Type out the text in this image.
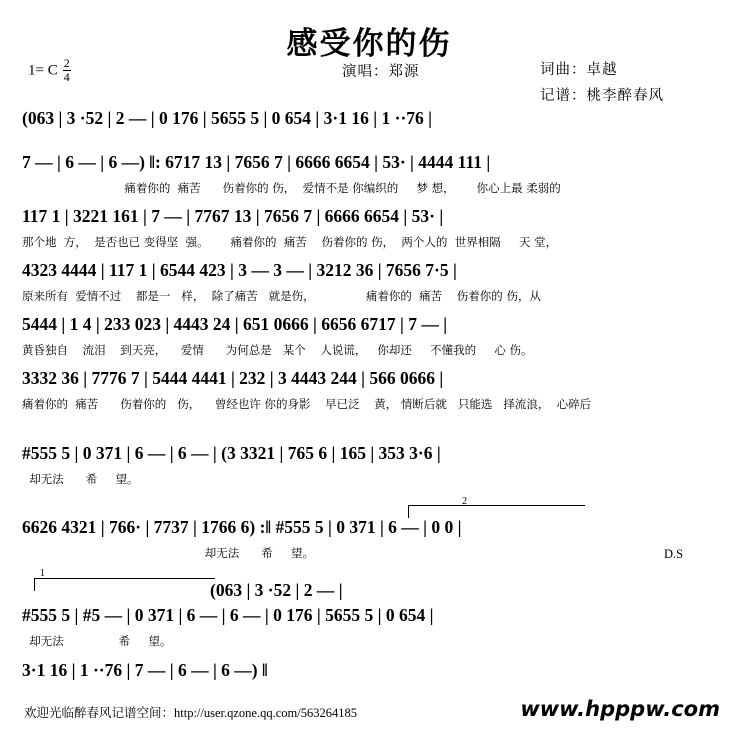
感受你的伤
1= C $\frac{2}{4}$	演唱：郑源	词曲：卓越
记谱：桃李醉春风
(063 | 3 ·52 | 2 — | 0 176 | 5655 5 | 0 654 | 3·1 16 | 1 ··76 |
7 — | 6 — | 6 —) ‖: 6717 13 | 7656 7 | 6666 6654 | 53· | 4444 111 |
痛着你的  痛苦      伤着你的 伤，  爱情不是 你编织的     梦 想，      你心上最 柔弱的
117 1 | 3221 161 | 7 — | 7767 13 | 7656 7 | 6666 6654 | 53· |
那个地  方，  是否也已 变得坚  强。      痛着你的  痛苦    伤着你的 伤，  两个人的  世界相隔     天 堂，
4323 4444 | 117 1 | 6544 423 | 3 — 3 — | 3212 36 | 7656 7·5 |
原来所有  爱情不过    都是一   样，  除了痛苦   就是伤，              痛着你的  痛苦    伤着你的 伤，从
5444 | 1 4 | 233 023 | 4443 24 | 651 0666 | 6656 6717 | 7 — |
黄昏独自    流泪    到天亮，    爱情      为何总是   某个    人说谎，   你却还     不懂我的     心 伤。
3332 36 | 7776 7 | 5444 4441 | 232 | 3 4443 244 | 566 0666 |
痛着你的  痛苦      伤着你的   伤，    曾经也许 你的身影    早已泛    黄， 情断后就   只能选   择流浪，  心碎后
#555 5 | 0 371 | 6 — | 6 — | (3 3321 | 765 6 | 165 | 353 3·6 |
却无法      希     望。
2
6626 4321 | 766· | 7737 | 1766 6) :‖ #555 5 | 0 371 | 6 — | 0 0 |
却无法      希     望。	D.S
1
(063 | 3 ·52 | 2 — |
#555 5 | #5 — | 0 371 | 6 — | 6 — | 0 176 | 5655 5 | 0 654 |
却无法               希     望。
3·1 16 | 1 ··76 | 7 — | 6 — | 6 —) ‖
欢迎光临醉春风记谱空间：http://user.qzone.qq.com/563264185	www.hpppw.com
